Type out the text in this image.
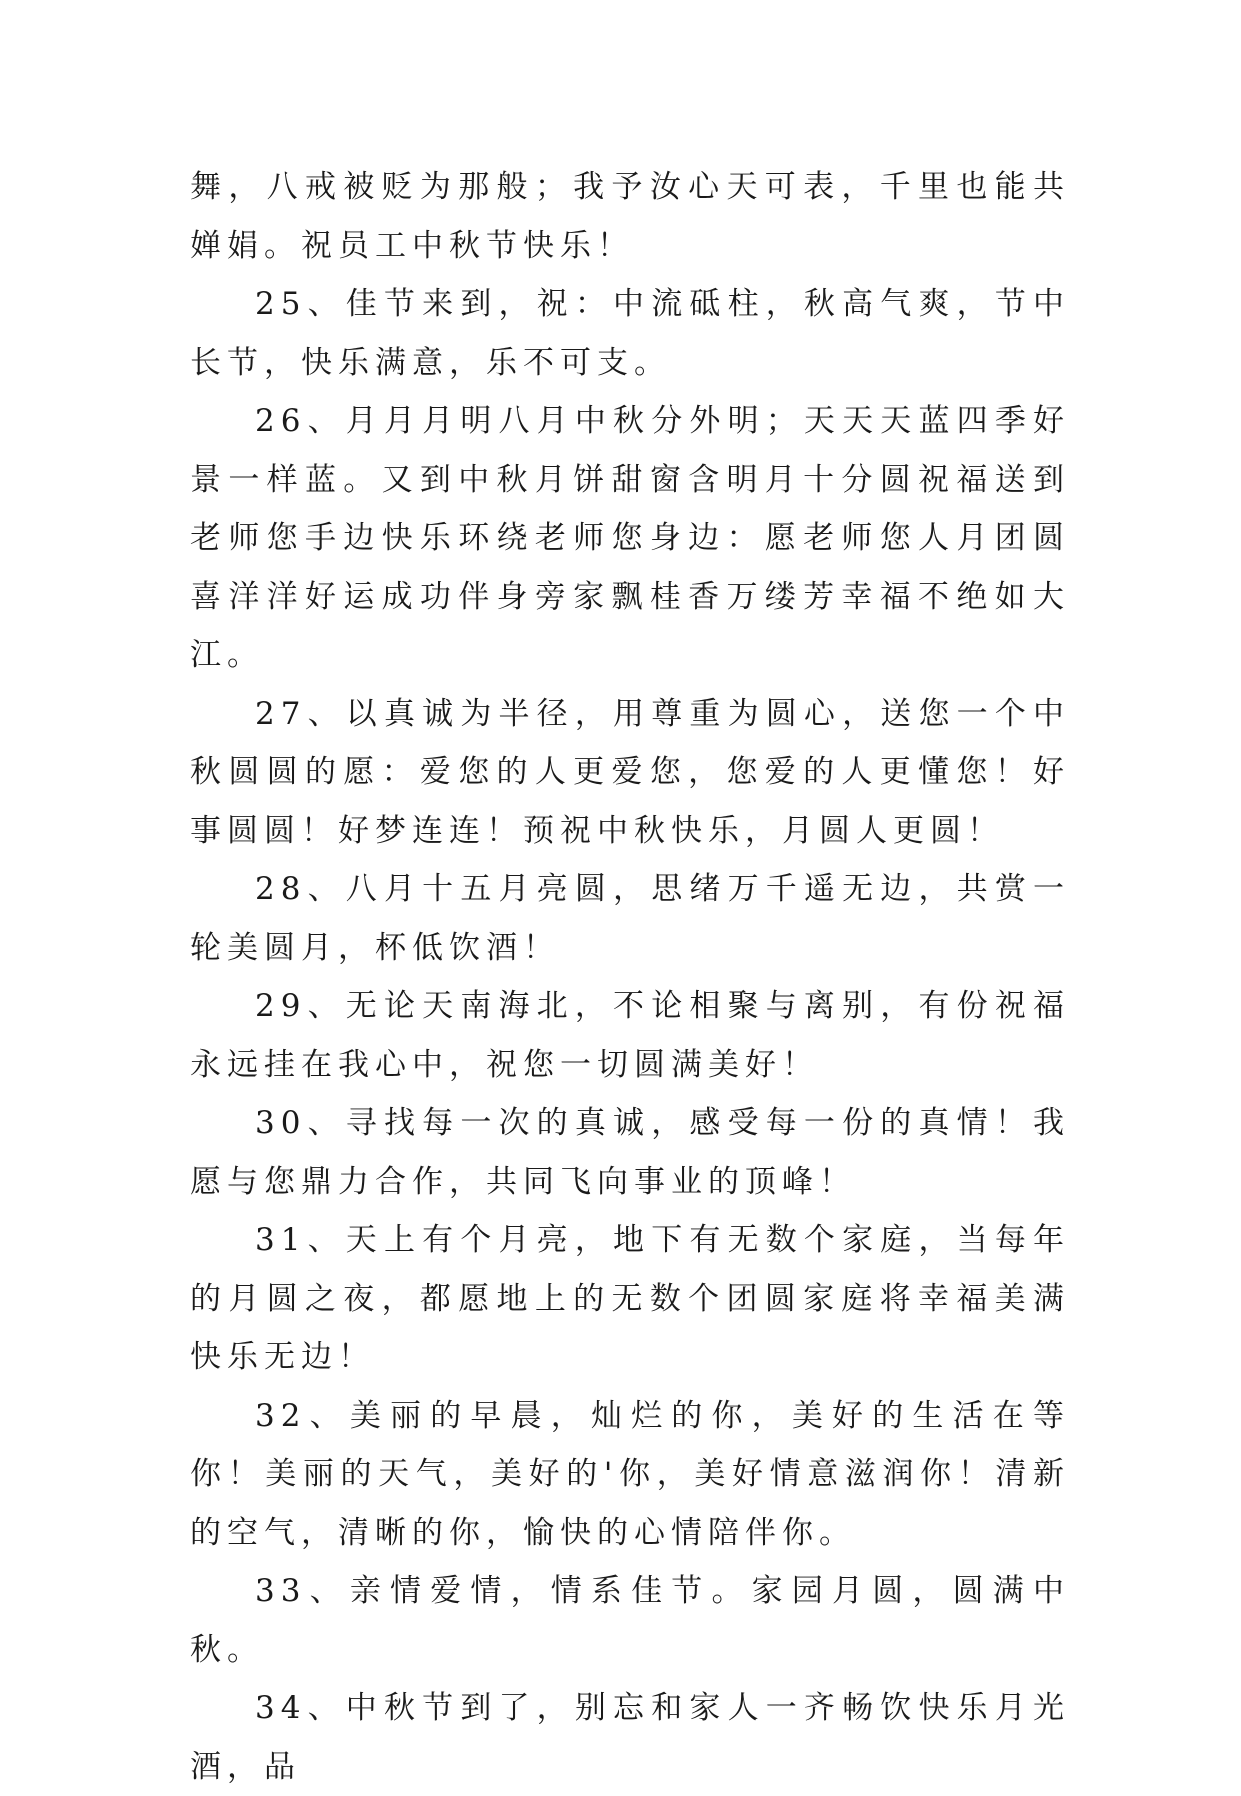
舞，八戒被贬为那般；我予汝心天可表，千里也能共婵娟。祝员工中秋节快乐！

25、佳节来到，祝：中流砥柱，秋高气爽，节中长节，快乐满意，乐不可支。

26、月月月明八月中秋分外明；天天天蓝四季好景一样蓝。又到中秋月饼甜窗含明月十分圆祝福送到老师您手边快乐环绕老师您身边：愿老师您人月团圆喜洋洋好运成功伴身旁家飘桂香万缕芳幸福不绝如大江。

27、以真诚为半径，用尊重为圆心，送您一个中秋圆圆的愿：爱您的人更爱您，您爱的人更懂您！好事圆圆！好梦连连！预祝中秋快乐，月圆人更圆！

28、八月十五月亮圆，思绪万千遥无边，共赏一轮美圆月，杯低饮酒！

29、无论天南海北，不论相聚与离别，有份祝福永远挂在我心中，祝您一切圆满美好！

30、寻找每一次的真诚，感受每一份的真情！我愿与您鼎力合作，共同飞向事业的顶峰！

31、天上有个月亮，地下有无数个家庭，当每年的月圆之夜，都愿地上的无数个团圆家庭将幸福美满快乐无边！

32、美丽的早晨，灿烂的你，美好的生活在等你！美丽的天气，美好的'你，美好情意滋润你！清新的空气，清晰的你，愉快的心情陪伴你。

33、亲情爱情，情系佳节。家园月圆，圆满中秋。

34、中秋节到了，别忘和家人一齐畅饮快乐月光酒，品
